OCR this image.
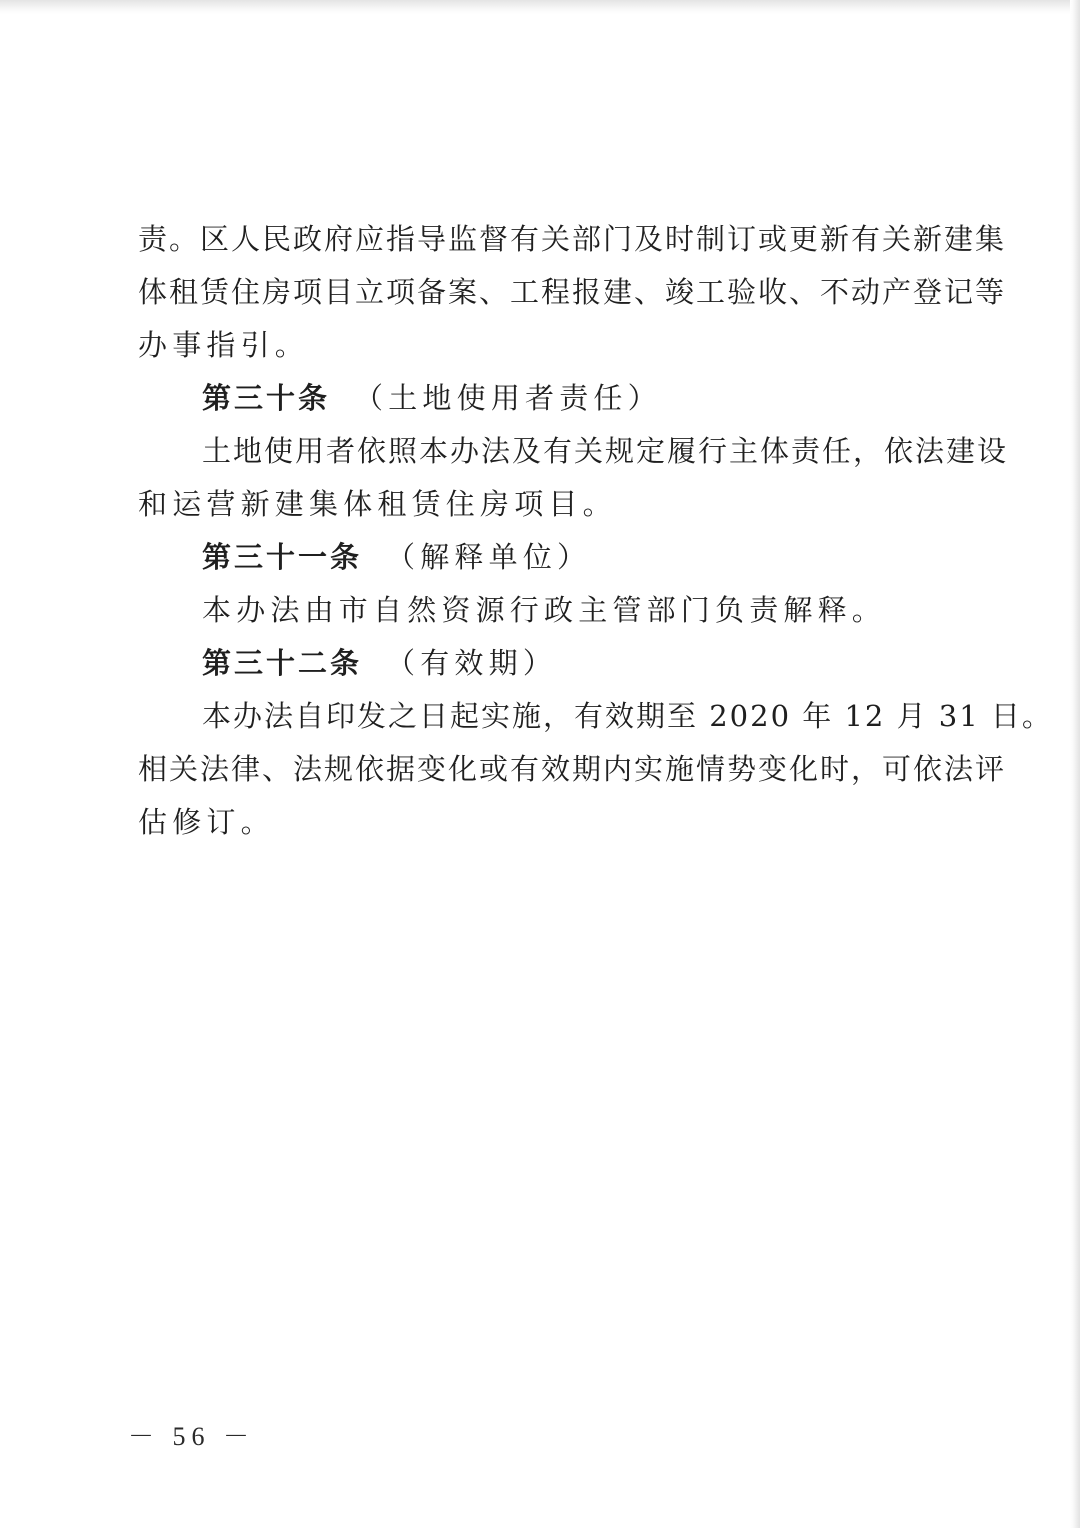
责。区人民政府应指导监督有关部门及时制订或更新有关新建集
体租赁住房项目立项备案、工程报建、竣工验收、不动产登记等
办事指引。
第三十条 （土地使用者责任）
土地使用者依照本办法及有关规定履行主体责任，依法建设
和运营新建集体租赁住房项目。
第三十一条 （解释单位）
本办法由市自然资源行政主管部门负责解释。
第三十二条 （有效期）
本办法自印发之日起实施，有效期至 2020 年 12 月 31 日。
相关法律、法规依据变化或有效期内实施情势变化时，可依法评
估修订。
－ 56 －
